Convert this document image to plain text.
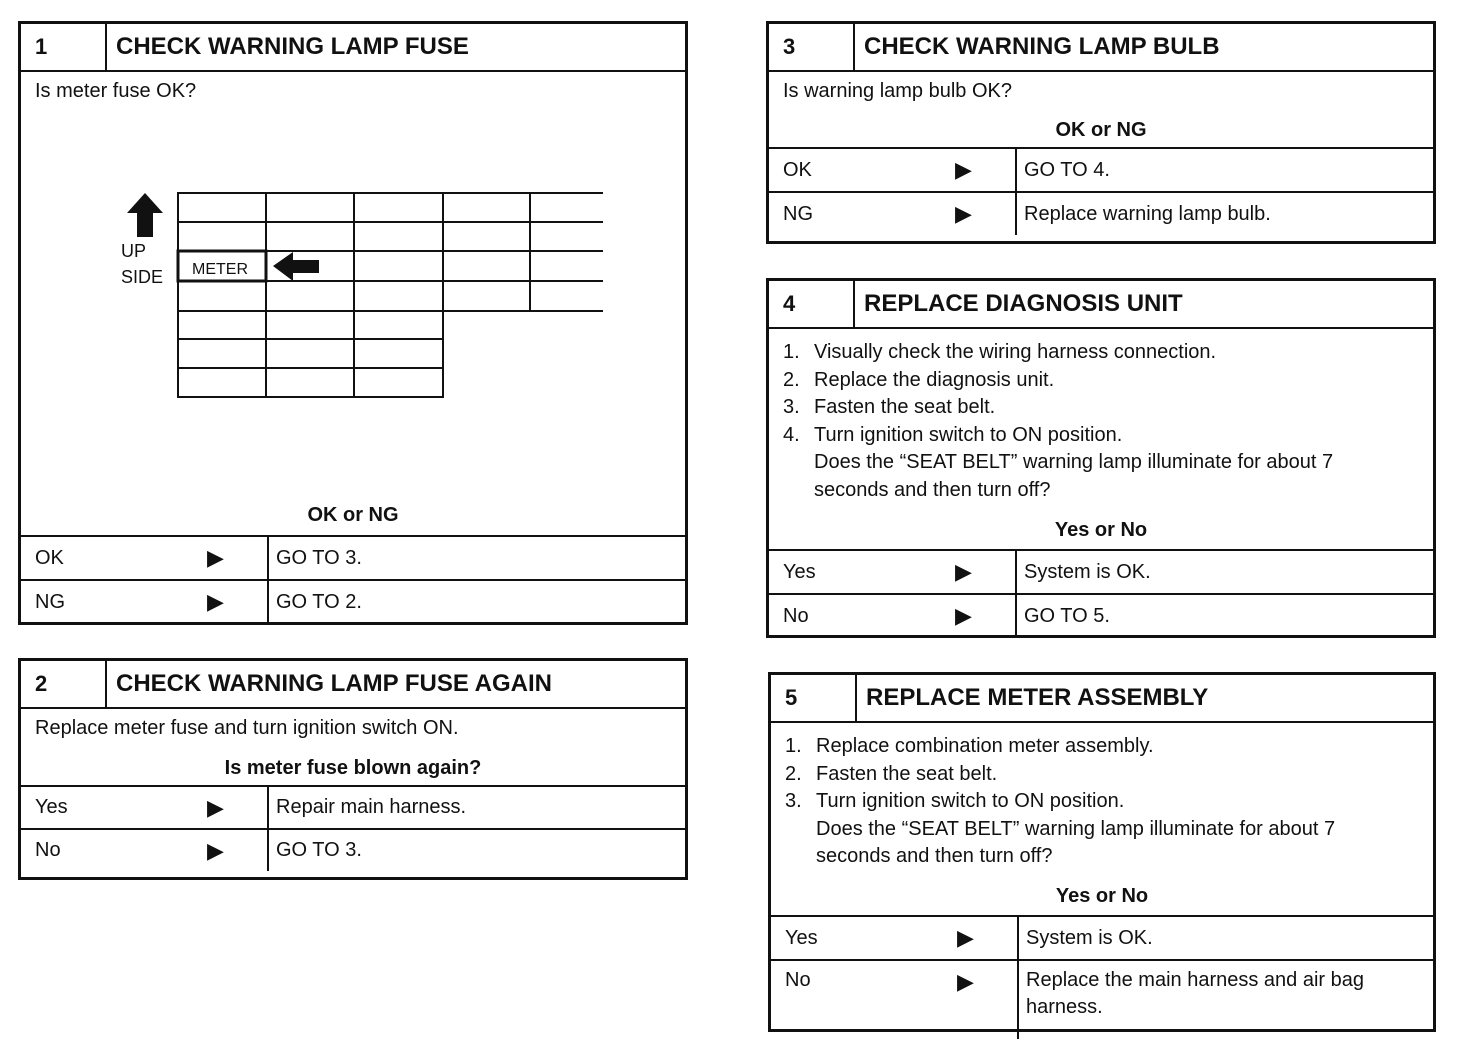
1	CHECK WARNING LAMP FUSE
Is meter fuse OK?
UP
SIDE METER
OK or NG
OK	▶	GO TO 3.
NG	▶	GO TO 2.
2	CHECK WARNING LAMP FUSE AGAIN
Replace meter fuse and turn ignition switch ON.
Is meter fuse blown again?
Yes	▶	Repair main harness.
No	▶	GO TO 3.
3	CHECK WARNING LAMP BULB
Is warning lamp bulb OK?
OK or NG
OK	▶	GO TO 4.
NG	▶	Replace warning lamp bulb.
4	REPLACE DIAGNOSIS UNIT
1. Visually check the wiring harness connection.
2. Replace the diagnosis unit.
3. Fasten the seat belt.
4. Turn ignition switch to ON position.
Does the “SEAT BELT” warning lamp illuminate for about 7 seconds and then turn off?
Yes or No
Yes	▶	System is OK.
No	▶	GO TO 5.
5	REPLACE METER ASSEMBLY
1. Replace combination meter assembly.
2. Fasten the seat belt.
3. Turn ignition switch to ON position.
Does the “SEAT BELT” warning lamp illuminate for about 7 seconds and then turn off?
Yes or No
Yes	▶	System is OK.
No	▶	Replace the main harness and air bag harness.
